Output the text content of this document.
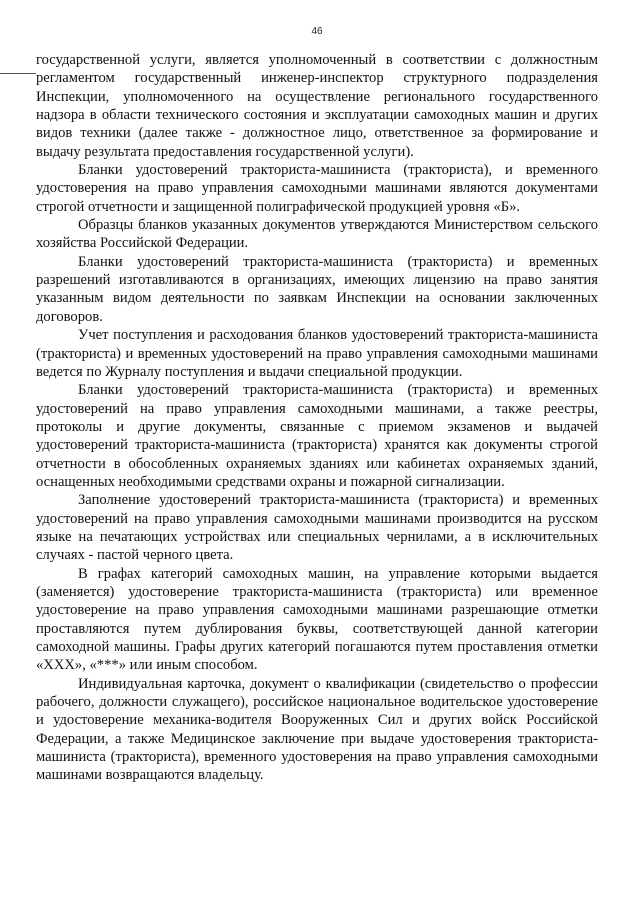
46

государственной услуги, является уполномоченный в соответствии с должностным регламентом государственный инженер-инспектор структурного подразделения Инспекции, уполномоченного на осуществление регионального государственного надзора в области технического состояния и эксплуатации самоходных машин и других видов техники (далее также - должностное лицо, ответственное за формирование и выдачу результата предоставления государственной услуги).

Бланки удостоверений тракториста-машиниста (тракториста), и временного удостоверения на право управления самоходными машинами являются документами строгой отчетности и защищенной полиграфической продукцией уровня «Б».

Образцы бланков указанных документов утверждаются Министерством сельского хозяйства Российской Федерации.

Бланки удостоверений тракториста-машиниста (тракториста) и временных разрешений изготавливаются в организациях, имеющих лицензию на право занятия указанным видом деятельности по заявкам Инспекции на основании заключенных договоров.

Учет поступления и расходования бланков удостоверений тракториста-машиниста (тракториста) и временных удостоверений на право управления самоходными машинами ведется по Журналу поступления и выдачи специальной продукции.

Бланки удостоверений тракториста-машиниста (тракториста) и временных удостоверений на право управления самоходными машинами, а также реестры, протоколы и другие документы, связанные с приемом экзаменов и выдачей удостоверений тракториста-машиниста (тракториста) хранятся как документы строгой отчетности в обособленных охраняемых зданиях или кабинетах охраняемых зданий, оснащенных необходимыми средствами охраны и пожарной сигнализации.

Заполнение удостоверений тракториста-машиниста (тракториста) и временных удостоверений на право управления самоходными машинами производится на русском языке на печатающих устройствах или специальных чернилами, а в исключительных случаях - пастой черного цвета.

В графах категорий самоходных машин, на управление которыми выдается (заменяется) удостоверение тракториста-машиниста (тракториста) или временное удостоверение на право управления самоходными машинами разрешающие отметки проставляются путем дублирования буквы, соответствующей данной категории самоходной машины. Графы других категорий погашаются путем проставления отметки «XXX», «***» или иным способом.

Индивидуальная карточка, документ о квалификации (свидетельство о профессии рабочего, должности служащего), российское национальное водительское удостоверение и удостоверение механика-водителя Вооруженных Сил и других войск Российской Федерации, а также Медицинское заключение при выдаче удостоверения тракториста-машиниста (тракториста), временного удостоверения на право управления самоходными машинами возвращаются владельцу.
